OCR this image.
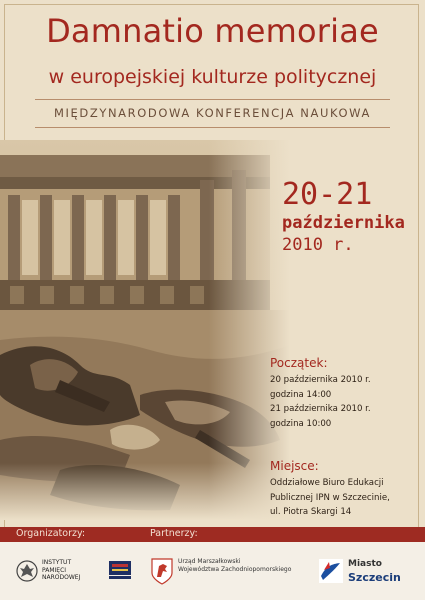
Damnatio memoriae
w europejskiej kulturze politycznej
MIĘDZYNARODOWA KONFERENCJA NAUKOWA
20-21
października
2010 r.
Początek:
20 października 2010 r.
godzina 14:00
21 października 2010 r.
godzina 10:00
Miejsce:
Oddziałowe Biuro Edukacji
Publicznej IPN w Szczecinie,
ul. Piotra Skargi 14
Organizatorzy:	Partnerzy:
INSTYTUT
PAMIĘCI
NARODOWEJ
Urząd Marszałkowski
Województwa Zachodniopomorskiego
Miasto
Szczecin
